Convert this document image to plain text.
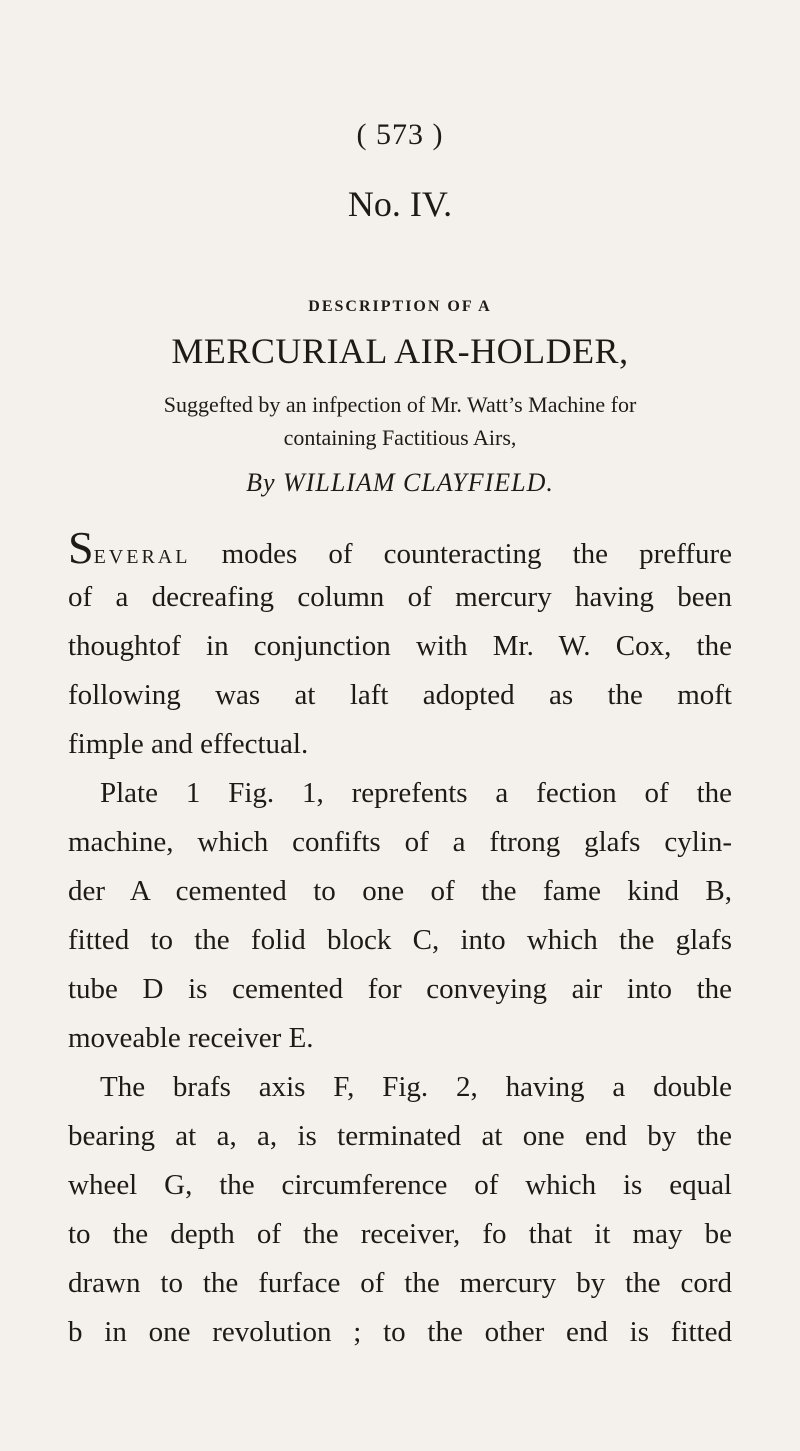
( 573 )
No. IV.
DESCRIPTION OF A
MERCURIAL AIR-HOLDER,
Suggefted by an infpection of Mr. Watt’s Machine for
containing Factitious Airs,
By WILLIAM CLAYFIELD.
Several modes of counteracting the preffure
of a decreafing column of mercury having been
thoughtof in conjunction with Mr. W. Cox, the
following was at laft adopted as the moft
fimple and effectual.
Plate 1 Fig. 1, reprefents a fection of the
machine, which confifts of a ftrong glafs cylin-
der A cemented to one of the fame kind B,
fitted to the folid block C, into which the glafs
tube D is cemented for conveying air into the
moveable receiver E.
The brafs axis F, Fig. 2, having a double
bearing at a, a, is terminated at one end by the
wheel G, the circumference of which is equal
to the depth of the receiver, fo that it may be
drawn to the furface of the mercury by the cord
b in one revolution ; to the other end is fitted
